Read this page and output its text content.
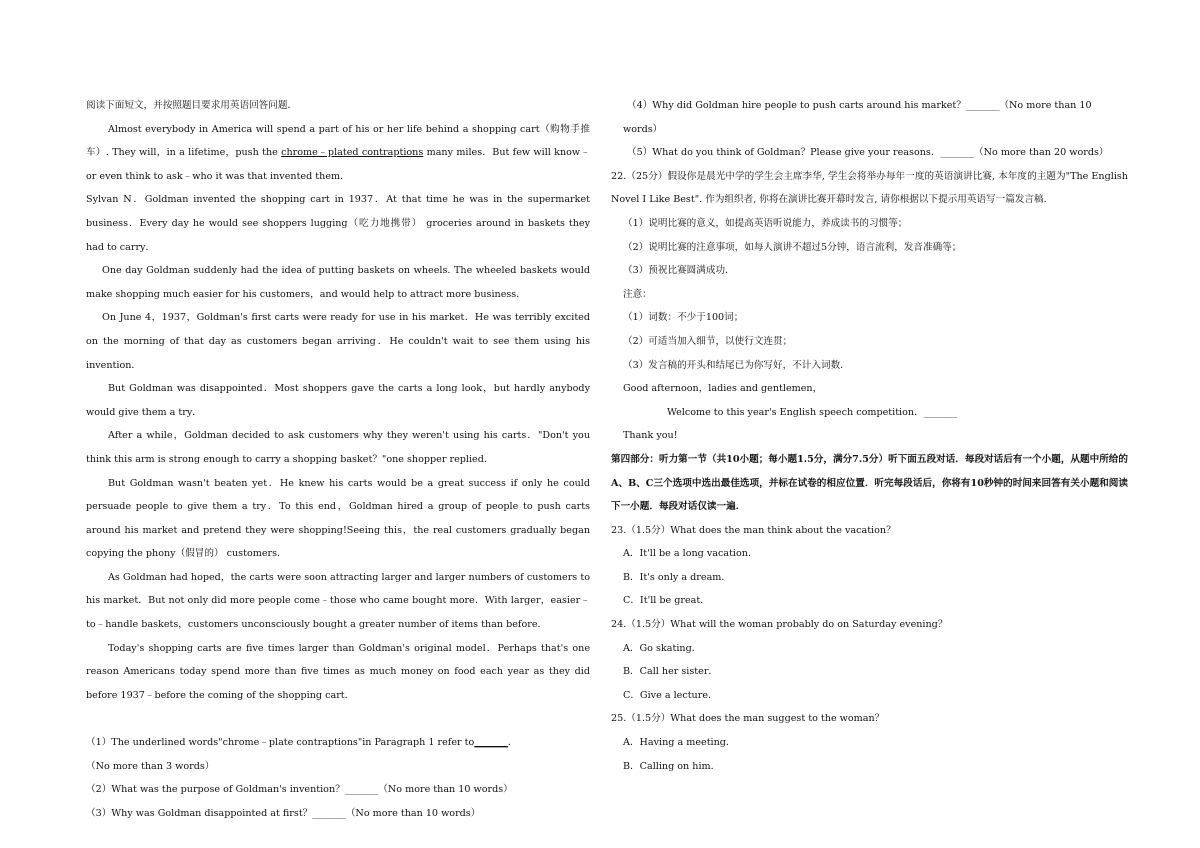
阅读下面短文，并按照题目要求用英语回答问题．

Almost everybody in America will spend a part of his or her life behind a shopping cart（购物手推车）. They will，in a lifetime，push the chrome﹣plated contraptions many miles．But few will know﹣or even think to ask﹣who it was that invented them．

Sylvan N．Goldman invented the shopping cart in 1937．At that time he was in the supermarket business．Every day he would see shoppers lugging（吃力地携带） groceries around in baskets they had to carry．

One day Goldman suddenly had the idea of putting baskets on wheels. The wheeled baskets would make shopping much easier for his customers，and would help to attract more business．

On June 4，1937，Goldman's first carts were ready for use in his market．He was terribly excited on the morning of that day as customers began arriving．He couldn't wait to see them using his invention．

But Goldman was disappointed．Most shoppers gave the carts a long look，but hardly anybody would give them a try．

After a while，Goldman decided to ask customers why they weren't using his carts．"Don't you think this arm is strong enough to carry a shopping basket？"one shopper replied．

But Goldman wasn't beaten yet．He knew his carts would be a great success if only he could persuade people to give them a try．To this end，Goldman hired a group of people to push carts around his market and pretend they were shopping!Seeing this，the real customers gradually began copying the phony（假冒的） customers．

As Goldman had hoped，the carts were soon attracting larger and larger numbers of customers to his market．But not only did more people come﹣those who came bought more．With larger，easier﹣to﹣handle baskets，customers unconsciously bought a greater number of items than before．

Today's shopping carts are five times larger than Goldman's original model．Perhaps that's one reason Americans today spend more than five times as much money on food each year as they did before 1937﹣before the coming of the shopping cart．

（1）The underlined words"chrome﹣plate contraptions"in Paragraph 1 refer to_______．

（No more than 3 words）

（2）What was the purpose of Goldman's invention？_______（No more than 10 words）

（3）Why was Goldman disappointed at first？_______（No more than 10 words）

（4）Why did Goldman hire people to push carts around his market？_______（No more than 10 words）

（5）What do you think of Goldman？Please give your reasons．_______（No more than 20 words）

22.（25分）假设你是晨光中学的学生会主席李华, 学生会将举办每年一度的英语演讲比赛, 本年度的主题为"The English Novel I Like Best". 作为组织者, 你将在演讲比赛开幕时发言, 请你根据以下提示用英语写一篇发言稿．

（1）说明比赛的意义，如提高英语听说能力，养成读书的习惯等；

（2）说明比赛的注意事项，如每人演讲不超过5分钟，语言流利，发音准确等；

（3）预祝比赛圆满成功．

注意：

（1）词数：不少于100词；

（2）可适当加入细节，以使行文连贯；

（3）发言稿的开头和结尾已为你写好，不计入词数．

Good afternoon，ladies and gentlemen，

Welcome to this year's English speech competition．_______

Thank you!

第四部分：听力第一节（共10小题；每小题1.5分，满分7.5分）听下面五段对话．每段对话后有一个小题，从题中所给的A、B、C三个选项中选出最佳选项，并标在试卷的相应位置．听完每段话后，你将有10秒钟的时间来回答有关小题和阅读下一小题．每段对话仅读一遍．

23.（1.5分）What does the man think about the vacation？

A．It'll be a long vacation．

B．It's only a dream．

C．It'll be great．

24.（1.5分）What will the woman probably do on Saturday evening？

A．Go skating．

B．Call her sister．

C．Give a lecture．

25.（1.5分）What does the man suggest to the woman？

A．Having a meeting．

B．Calling on him．
